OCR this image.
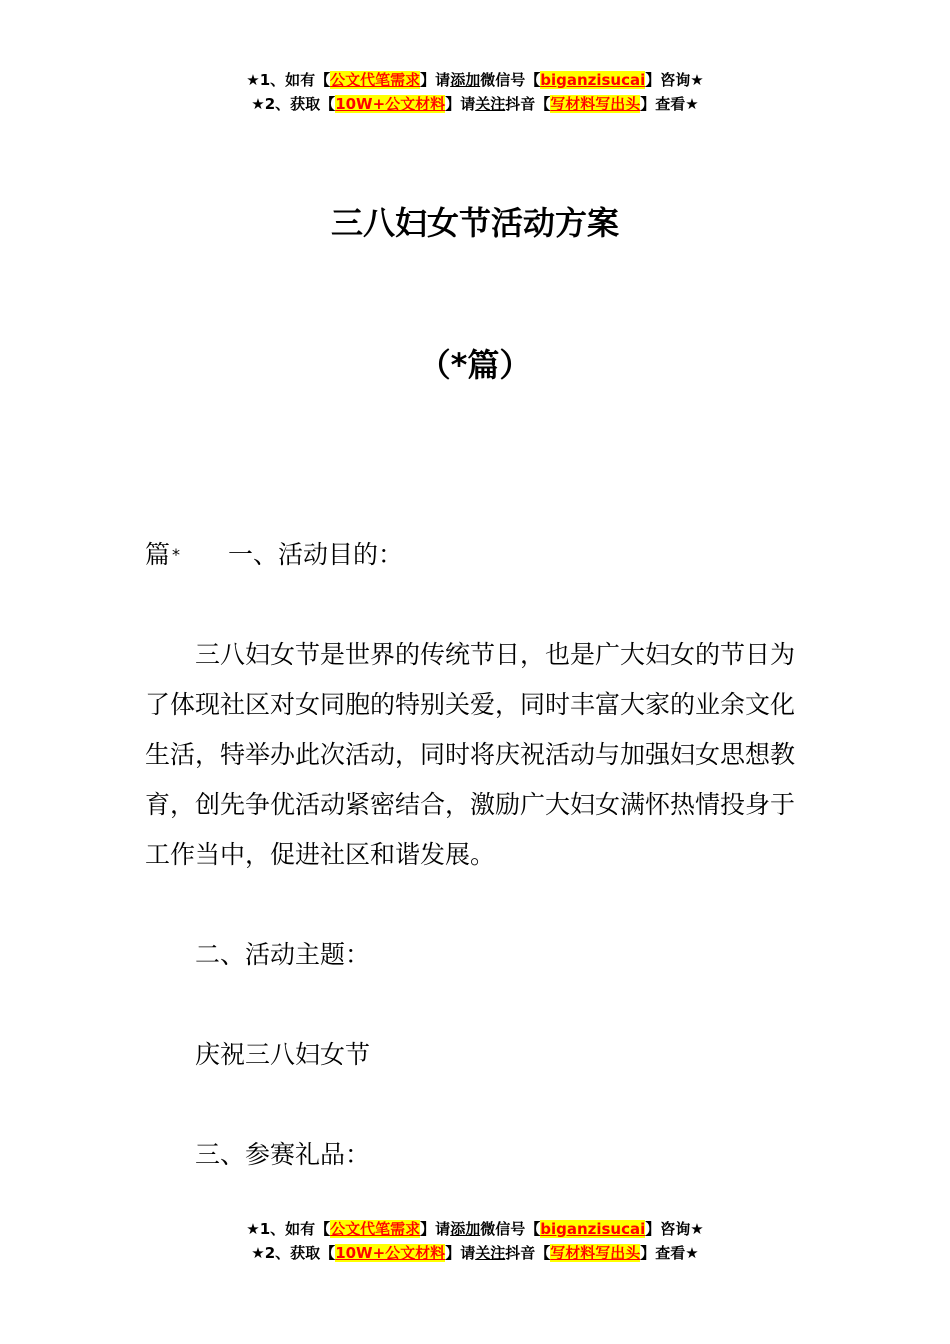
★1、如有【公文代笔需求】请添加微信号【biganzisucai】咨询★
★2、获取【10W+公文材料】请关注抖音【写材料写出头】查看★
三八妇女节活动方案
（*篇）
篇 * 一、活动目的：

三八妇女节是世界的传统节日，也是广大妇女的节日为了体现社区对女同胞的特别关爱，同时丰富大家的业余文化生活，特举办此次活动，同时将庆祝活动与加强妇女思想教育，创先争优活动紧密结合，激励广大妇女满怀热情投身于工作当中，促进社区和谐发展。

二、活动主题：

庆祝三八妇女节

三、参赛礼品：

★1、如有【公文代笔需求】请添加微信号【biganzisucai】咨询★
★2、获取【10W+公文材料】请关注抖音【写材料写出头】查看★
